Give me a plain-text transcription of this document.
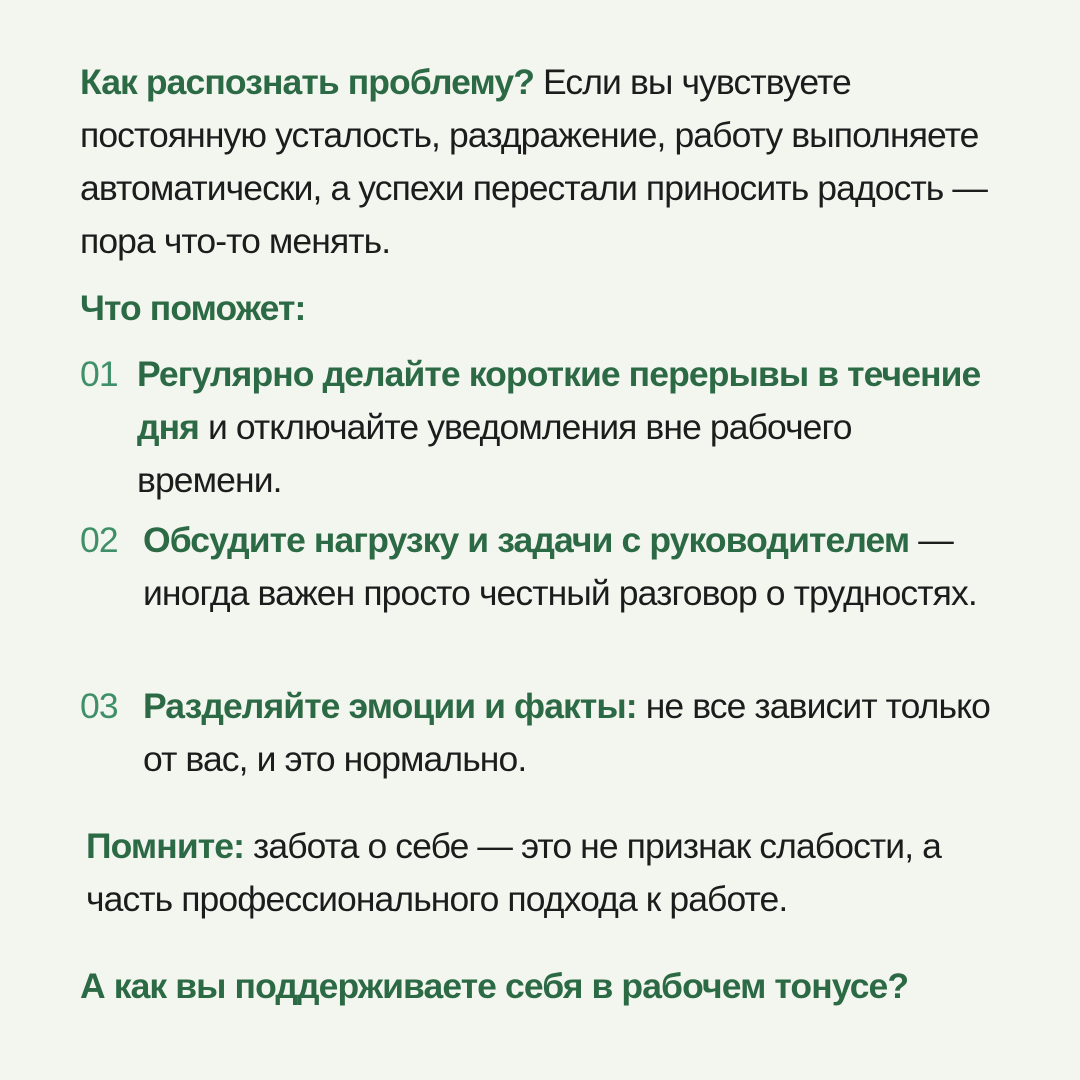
Как распознать проблему? Если вы чувствуете постоянную усталость, раздражение, работу выполняете автоматически, а успехи перестали приносить радость — пора что-то менять.

Что поможет:

01 Регулярно делайте короткие перерывы в течение дня и отключайте уведомления вне рабочего времени.
02 Обсудите нагрузку и задачи с руководителем — иногда важен просто честный разговор о трудностях.
03 Разделяйте эмоции и факты: не все зависит только от вас, и это нормально.

Помните: забота о себе — это не признак слабости, а часть профессионального подхода к работе.

А как вы поддерживаете себя в рабочем тонусе?
